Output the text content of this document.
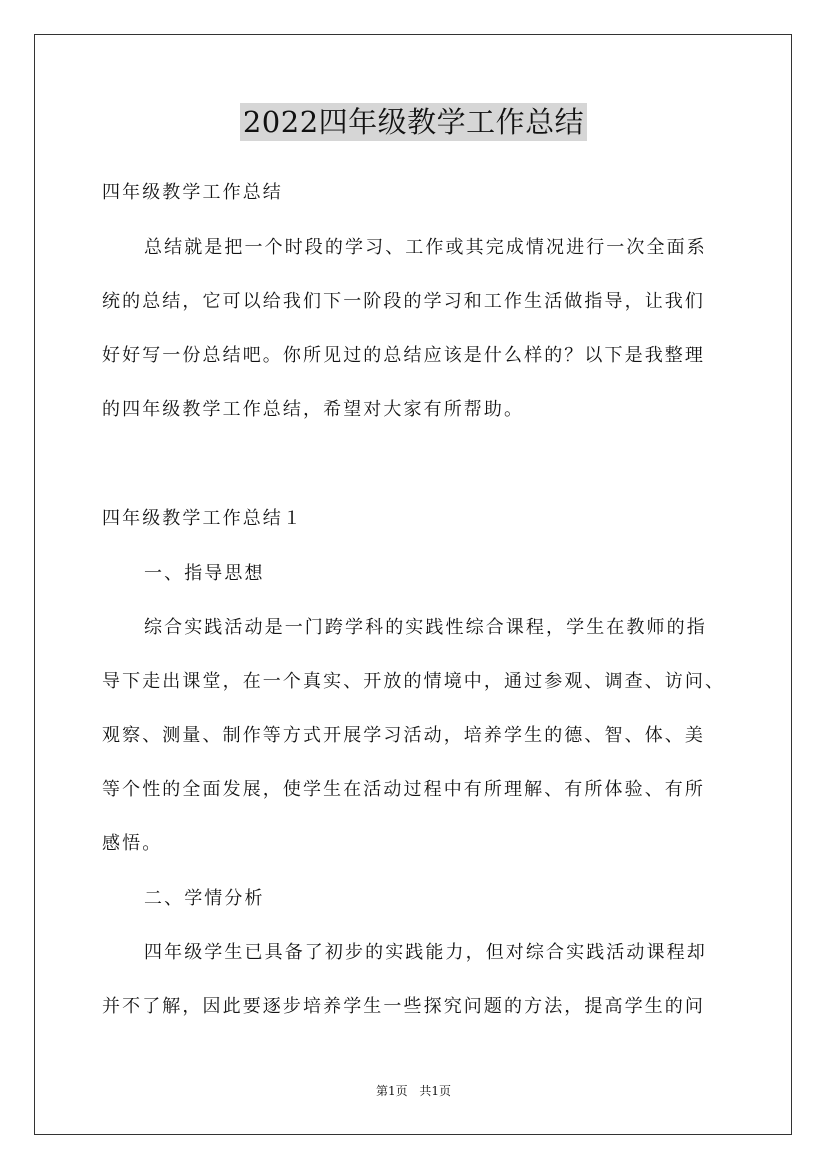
2022四年级教学工作总结
四年级教学工作总结
总结就是把一个时段的学习、工作或其完成情况进行一次全面系
统的总结，它可以给我们下一阶段的学习和工作生活做指导，让我们
好好写一份总结吧。你所见过的总结应该是什么样的？以下是我整理
的四年级教学工作总结，希望对大家有所帮助。
四年级教学工作总结１
一、指导思想
综合实践活动是一门跨学科的实践性综合课程，学生在教师的指
导下走出课堂，在一个真实、开放的情境中，通过参观、调查、访问、
观察、测量、制作等方式开展学习活动，培养学生的德、智、体、美
等个性的全面发展，使学生在活动过程中有所理解、有所体验、有所
感悟。
二、学情分析
四年级学生已具备了初步的实践能力，但对综合实践活动课程却
并不了解，因此要逐步培养学生一些探究问题的方法，提高学生的问
第1页 共1页
